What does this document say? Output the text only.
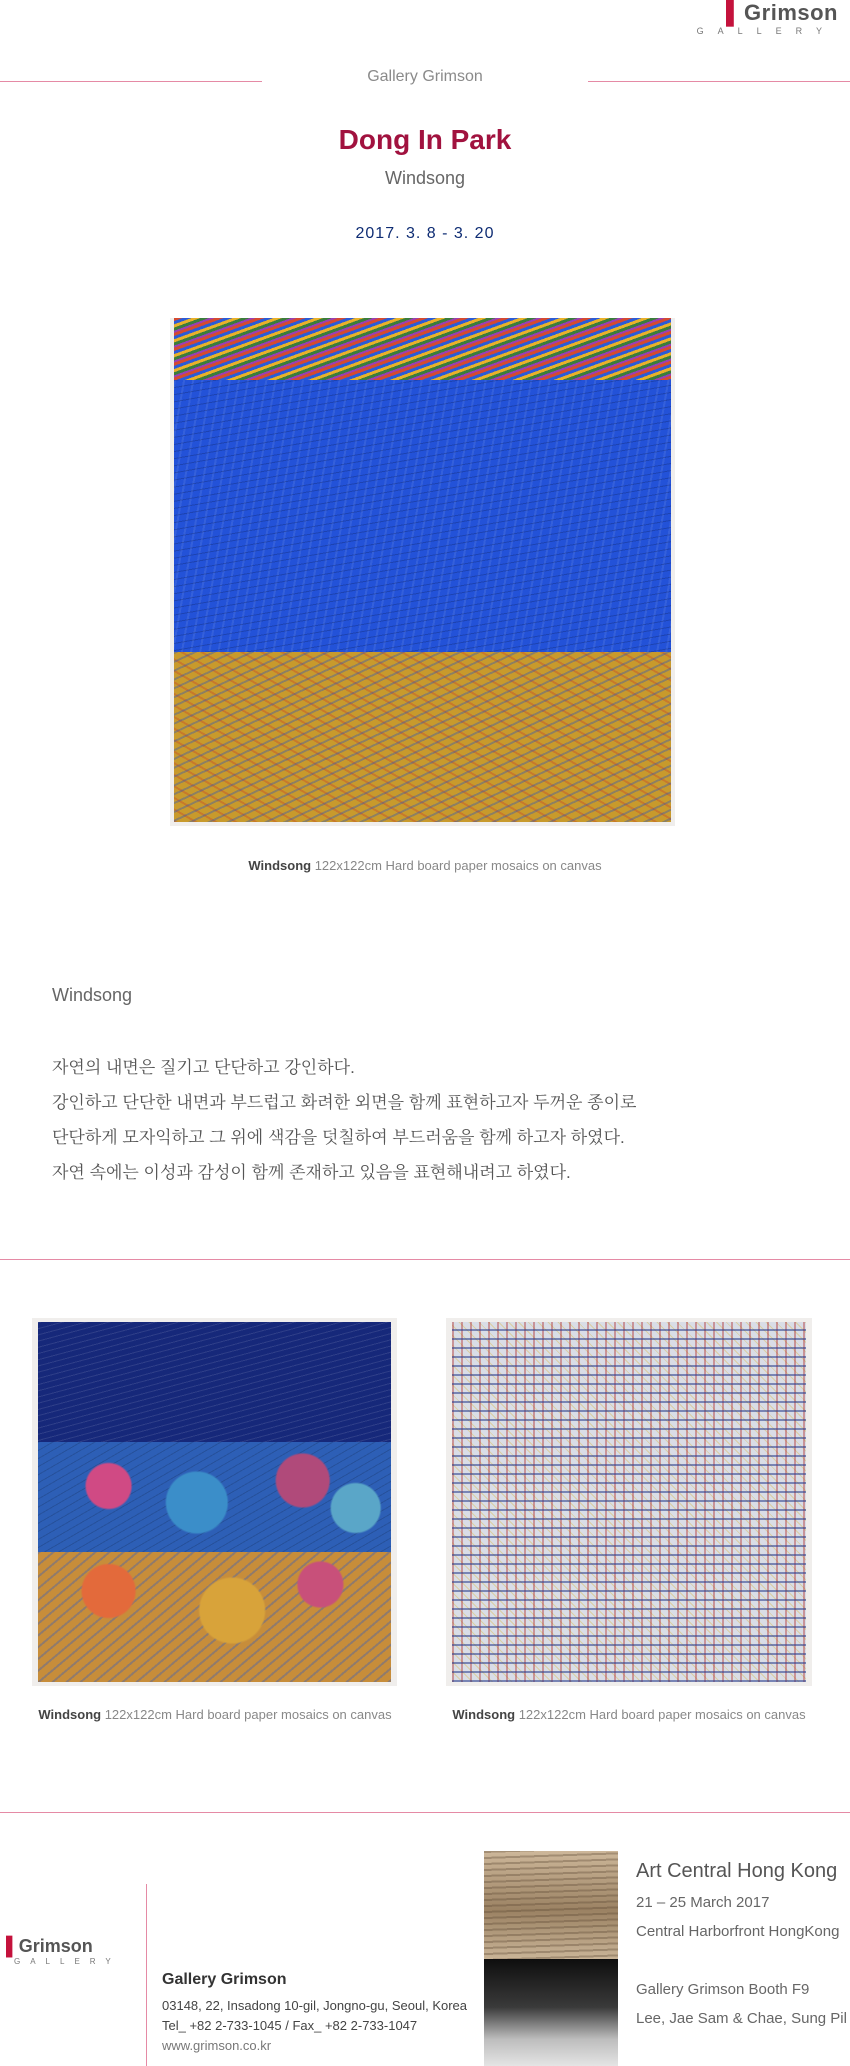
▌Grimson
GALLERY
Gallery Grimson
Dong In Park
Windsong
2017. 3. 8 - 3. 20
Windsong 122x122cm Hard board paper mosaics on canvas
Windsong
자연의 내면은 질기고 단단하고 강인하다.
강인하고 단단한 내면과 부드럽고 화려한 외면을 함께 표현하고자 두꺼운 종이로
단단하게 모자익하고 그 위에 색감을 덧칠하여 부드러움을 함께 하고자 하였다.
자연 속에는 이성과 감성이 함께 존재하고 있음을 표현해내려고 하였다.
Windsong 122x122cm Hard board paper mosaics on canvas	Windsong 122x122cm Hard board paper mosaics on canvas
▌Grimson
GALLERY
Gallery Grimson
03148, 22, Insadong 10-gil, Jongno-gu, Seoul, Korea
Tel_ +82 2-733-1045 / Fax_ +82 2-733-1047
www.grimson.co.kr
Art Central Hong Kong
21 – 25 March 2017
Central Harborfront HongKong
Gallery Grimson Booth F9
Lee, Jae Sam & Chae, Sung Pil
